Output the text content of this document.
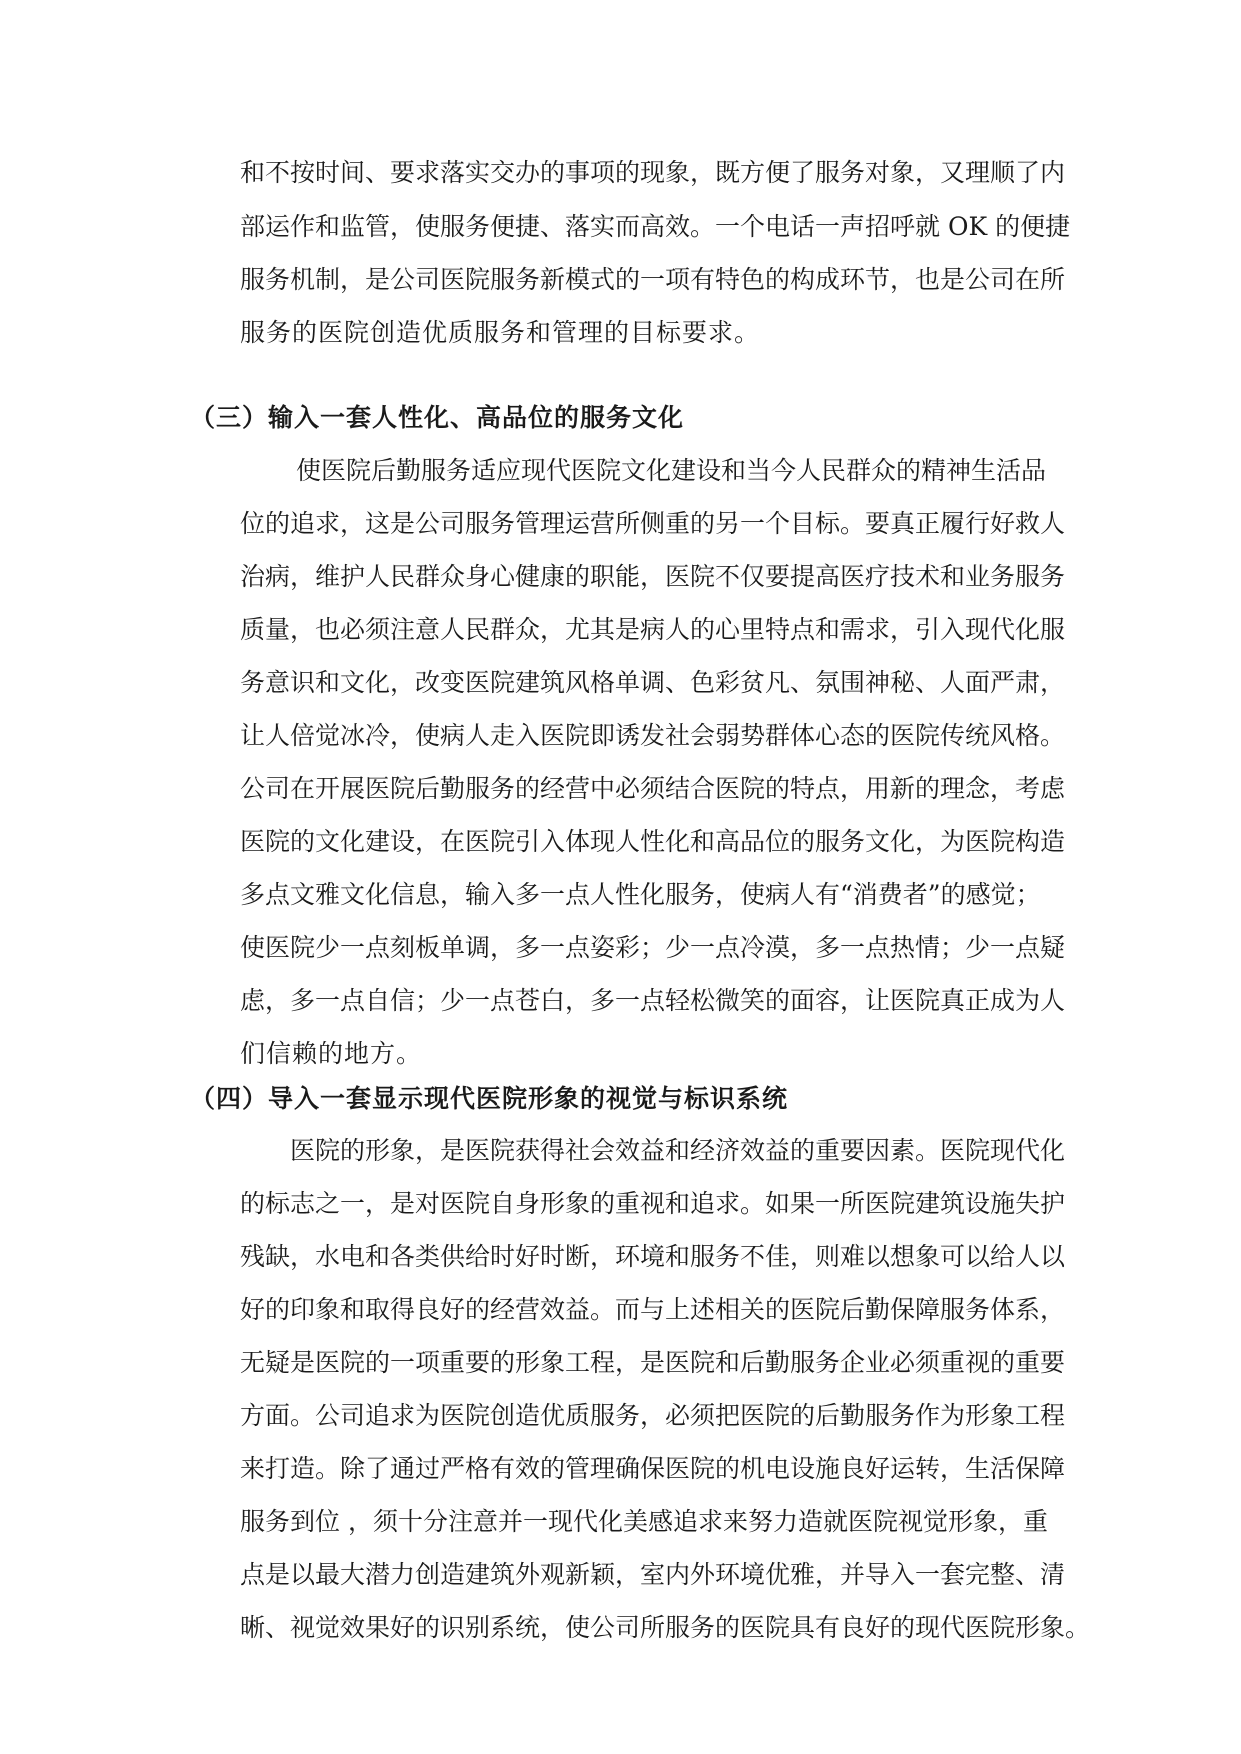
和不按时间、要求落实交办的事项的现象，既方便了服务对象，又理顺了内
部运作和监管，使服务便捷、落实而高效。一个电话一声招呼就 OK 的便捷
服务机制，是公司医院服务新模式的一项有特色的构成环节，也是公司在所
服务的医院创造优质服务和管理的目标要求。
（三）输入一套人性化、高品位的服务文化
使医院后勤服务适应现代医院文化建设和当今人民群众的精神生活品
位的追求，这是公司服务管理运营所侧重的另一个目标。要真正履行好救人
治病，维护人民群众身心健康的职能，医院不仅要提高医疗技术和业务服务
质量，也必须注意人民群众，尤其是病人的心里特点和需求，引入现代化服
务意识和文化，改变医院建筑风格单调、色彩贫凡、氛围神秘、人面严肃，
让人倍觉冰冷，使病人走入医院即诱发社会弱势群体心态的医院传统风格。
公司在开展医院后勤服务的经营中必须结合医院的特点，用新的理念，考虑
医院的文化建设，在医院引入体现人性化和高品位的服务文化，为医院构造
多点文雅文化信息，输入多一点人性化服务，使病人有“消费者”的感觉；
使医院少一点刻板单调，多一点姿彩；少一点冷漠，多一点热情；少一点疑
虑，多一点自信；少一点苍白，多一点轻松微笑的面容，让医院真正成为人
们信赖的地方。
（四）导入一套显示现代医院形象的视觉与标识系统
医院的形象，是医院获得社会效益和经济效益的重要因素。医院现代化
的标志之一，是对医院自身形象的重视和追求。如果一所医院建筑设施失护
残缺，水电和各类供给时好时断，环境和服务不佳，则难以想象可以给人以
好的印象和取得良好的经营效益。而与上述相关的医院后勤保障服务体系，
无疑是医院的一项重要的形象工程，是医院和后勤服务企业必须重视的重要
方面。公司追求为医院创造优质服务，必须把医院的后勤服务作为形象工程
来打造。除了通过严格有效的管理确保医院的机电设施良好运转，生活保障
服务到位 ，须十分注意并一现代化美感追求来努力造就医院视觉形象，重
点是以最大潜力创造建筑外观新颖，室内外环境优雅，并导入一套完整、清
晰、视觉效果好的识别系统，使公司所服务的医院具有良好的现代医院形象。
